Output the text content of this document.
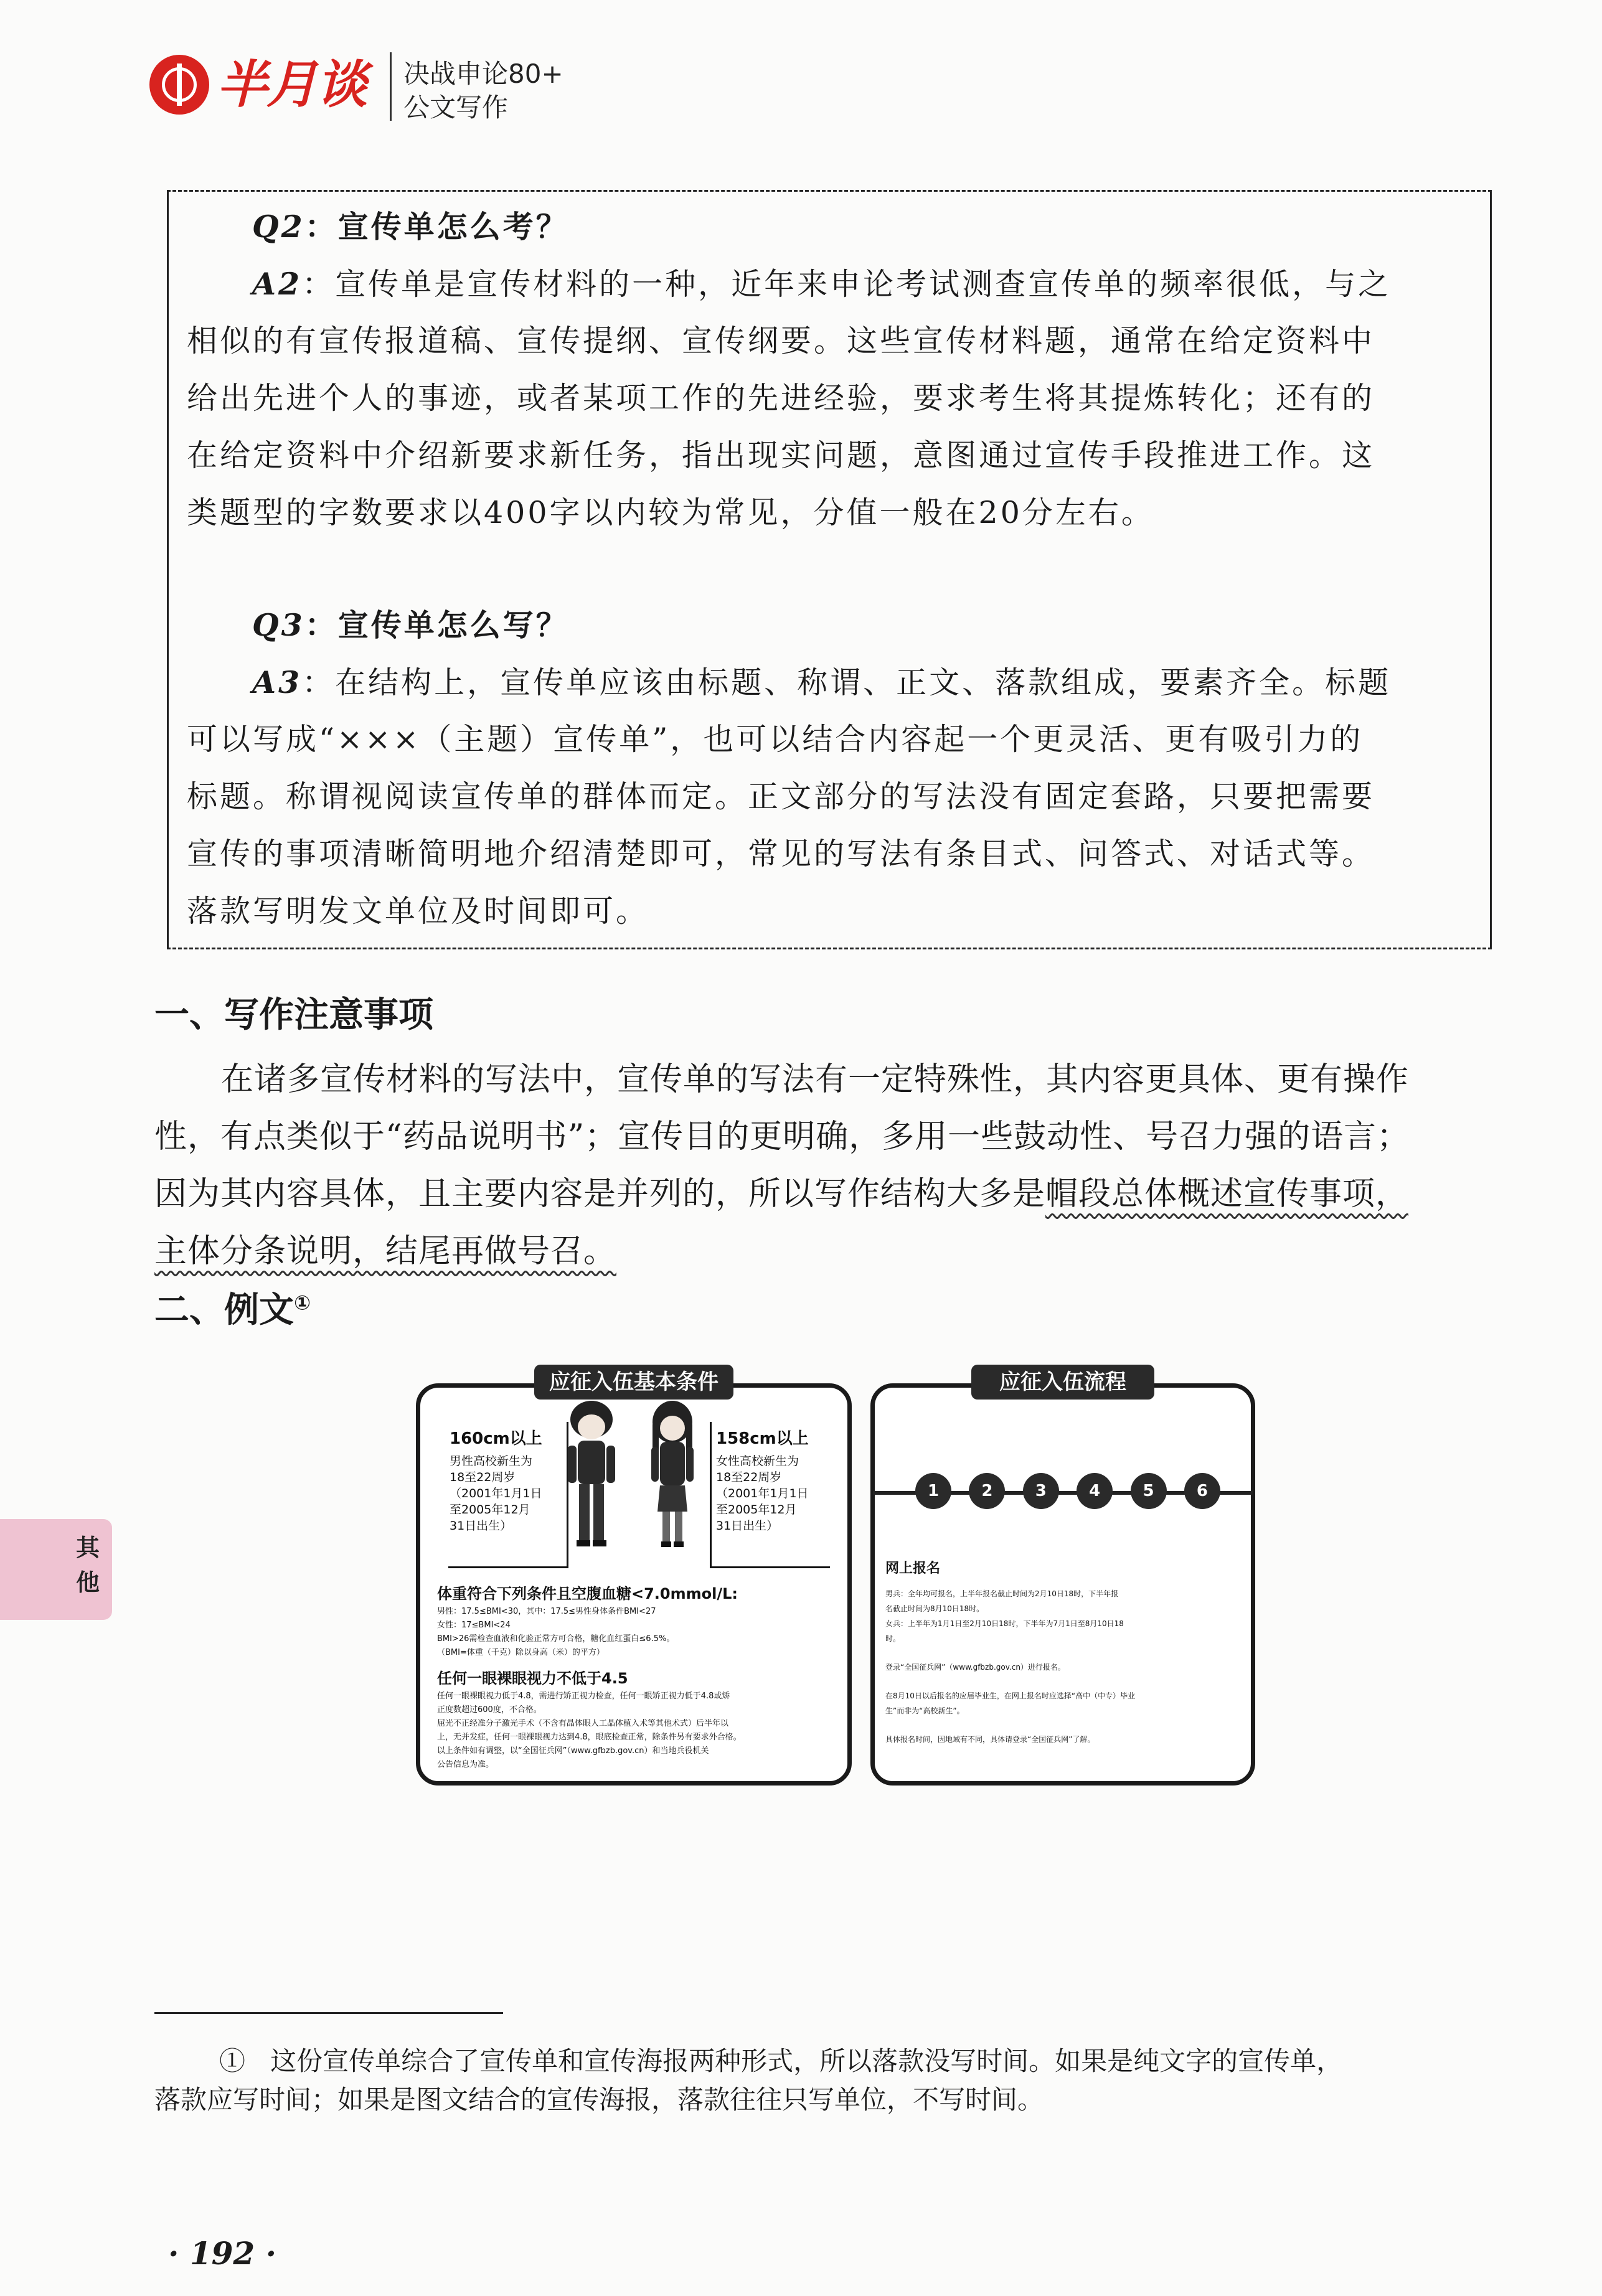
半月谈 决战申论80+
公文写作
Q2：宣传单怎么考？
A2：宣传单是宣传材料的一种，近年来申论考试测查宣传单的频率很低，与之
相似的有宣传报道稿、宣传提纲、宣传纲要。这些宣传材料题，通常在给定资料中
给出先进个人的事迹，或者某项工作的先进经验，要求考生将其提炼转化；还有的
在给定资料中介绍新要求新任务，指出现实问题，意图通过宣传手段推进工作。这
类题型的字数要求以400字以内较为常见，分值一般在20分左右。
Q3：宣传单怎么写？
A3：在结构上，宣传单应该由标题、称谓、正文、落款组成，要素齐全。标题
可以写成“×××（主题）宣传单”，也可以结合内容起一个更灵活、更有吸引力的
标题。称谓视阅读宣传单的群体而定。正文部分的写法没有固定套路，只要把需要
宣传的事项清晰简明地介绍清楚即可，常见的写法有条目式、问答式、对话式等。
落款写明发文单位及时间即可。
一、写作注意事项
在诸多宣传材料的写法中，宣传单的写法有一定特殊性，其内容更具体、更有操作
性，有点类似于“药品说明书”；宣传目的更明确，多用一些鼓动性、号召力强的语言；
因为其内容具体，且主要内容是并列的，所以写作结构大多是帽段总体概述宣传事项，
主体分条说明，结尾再做号召。
二、例文①
其他
应征入伍基本条件
160cm以上
男性高校新生为
18至22周岁
（2001年1月1日
至2005年12月
31日出生）
158cm以上
女性高校新生为
18至22周岁
（2001年1月1日
至2005年12月
31日出生）
体重符合下列条件且空腹血糖<7.0mmol/L:
男性：17.5≤BMI<30，其中：17.5≤男性身体条件BMI<27
女性：17≤BMI<24
BMI>26需检查血液和化验正常方可合格，糖化血红蛋白≤6.5%。
（BMI=体重（千克）除以身高（米）的平方）
任何一眼裸眼视力不低于4.5
任何一眼裸眼视力低于4.8，需进行矫正视力检查，任何一眼矫正视力低于4.8或矫
正度数超过600度，不合格。
屈光不正经准分子激光手术（不含有晶体眼人工晶体植入术等其他术式）后半年以
上，无并发症，任何一眼裸眼视力达到4.8，眼底检查正常，除条件另有要求外合格。
以上条件如有调整，以“全国征兵网”（www.gfbzb.gov.cn）和当地兵役机关
公告信息为准。
应征入伍流程
1	2	3	4	5	6
网上报名
男兵：全年均可报名，上半年报名截止时间为2月10日18时，下半年报
名截止时间为8月10日18时。
女兵：上半年为1月1日至2月10日18时，下半年为7月1日至8月10日18
时。
登录“全国征兵网”（www.gfbzb.gov.cn）进行报名。
在8月10日以后报名的应届毕业生，在网上报名时应选择“高中（中专）毕业
生”而非为“高校新生”。
具体报名时间，因地域有不同，具体请登录“全国征兵网”了解。
① 这份宣传单综合了宣传单和宣传海报两种形式，所以落款没写时间。如果是纯文字的宣传单，
落款应写时间；如果是图文结合的宣传海报，落款往往只写单位，不写时间。
· 192 ·
